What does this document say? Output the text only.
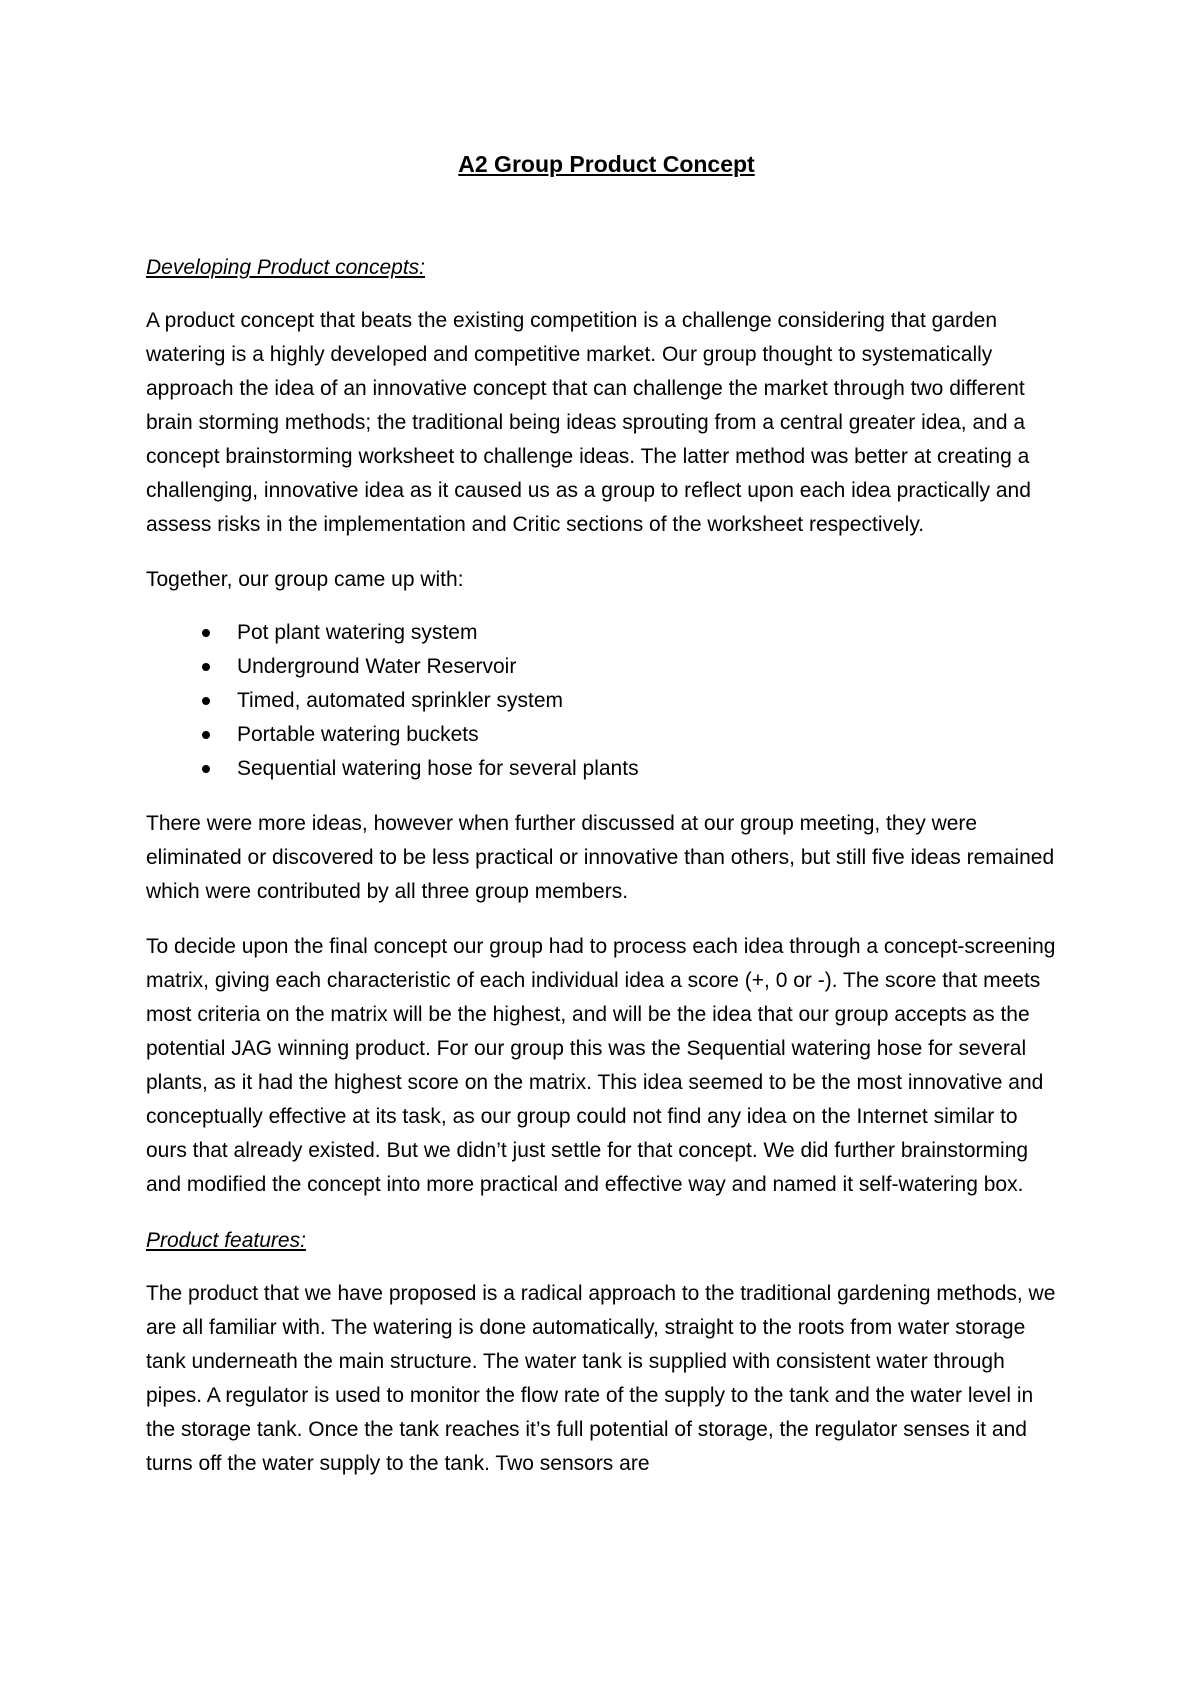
A2 Group Product Concept

Developing Product concepts:

A product concept that beats the existing competition is a challenge considering that garden watering is a highly developed and competitive market. Our group thought to systematically approach the idea of an innovative concept that can challenge the market through two different brain storming methods; the traditional being ideas sprouting from a central greater idea, and a concept brainstorming worksheet to challenge ideas. The latter method was better at creating a challenging, innovative idea as it caused us as a group to reflect upon each idea practically and assess risks in the implementation and Critic sections of the worksheet respectively.

Together, our group came up with:

Pot plant watering system
Underground Water Reservoir
Timed, automated sprinkler system
Portable watering buckets
Sequential watering hose for several plants

There were more ideas, however when further discussed at our group meeting, they were eliminated or discovered to be less practical or innovative than others, but still five ideas remained which were contributed by all three group members.

To decide upon the final concept our group had to process each idea through a concept-screening matrix, giving each characteristic of each individual idea a score (+, 0 or -). The score that meets most criteria on the matrix will be the highest, and will be the idea that our group accepts as the potential JAG winning product. For our group this was the Sequential watering hose for several plants, as it had the highest score on the matrix. This idea seemed to be the most innovative and conceptually effective at its task, as our group could not find any idea on the Internet similar to ours that already existed. But we didn’t just settle for that concept. We did further brainstorming and modified the concept into more practical and effective way and named it self-watering box.

Product features:

The product that we have proposed is a radical approach to the traditional gardening methods, we are all familiar with. The watering is done automatically, straight to the roots from water storage tank underneath the main structure. The water tank is supplied with consistent water through pipes. A regulator is used to monitor the flow rate of the supply to the tank and the water level in the storage tank. Once the tank reaches it’s full potential of storage, the regulator senses it and turns off the water supply to the tank. Two sensors are
